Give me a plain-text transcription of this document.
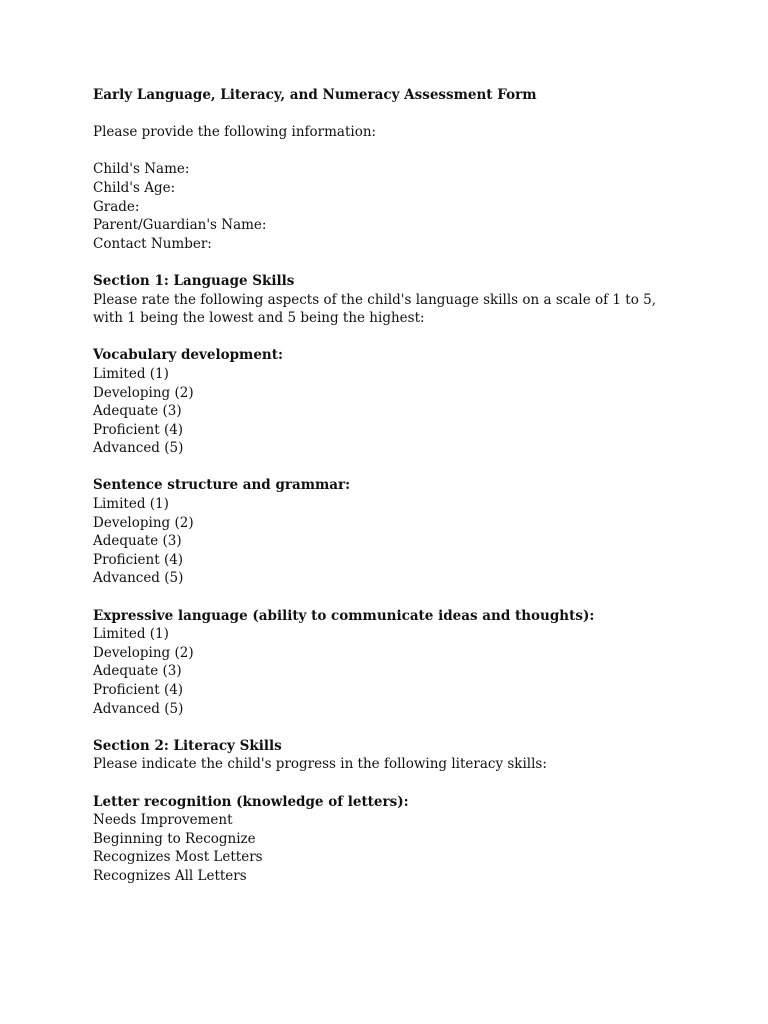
Early Language, Literacy, and Numeracy Assessment Form
Please provide the following information:
Child's Name:
Child's Age:
Grade:
Parent/Guardian's Name:
Contact Number:
Section 1: Language Skills
Please rate the following aspects of the child's language skills on a scale of 1 to 5, with 1 being the lowest and 5 being the highest:
Vocabulary development:
Limited (1)
Developing (2)
Adequate (3)
Proficient (4)
Advanced (5)
Sentence structure and grammar:
Limited (1)
Developing (2)
Adequate (3)
Proficient (4)
Advanced (5)
Expressive language (ability to communicate ideas and thoughts):
Limited (1)
Developing (2)
Adequate (3)
Proficient (4)
Advanced (5)
Section 2: Literacy Skills
Please indicate the child's progress in the following literacy skills:
Letter recognition (knowledge of letters):
Needs Improvement
Beginning to Recognize
Recognizes Most Letters
Recognizes All Letters
